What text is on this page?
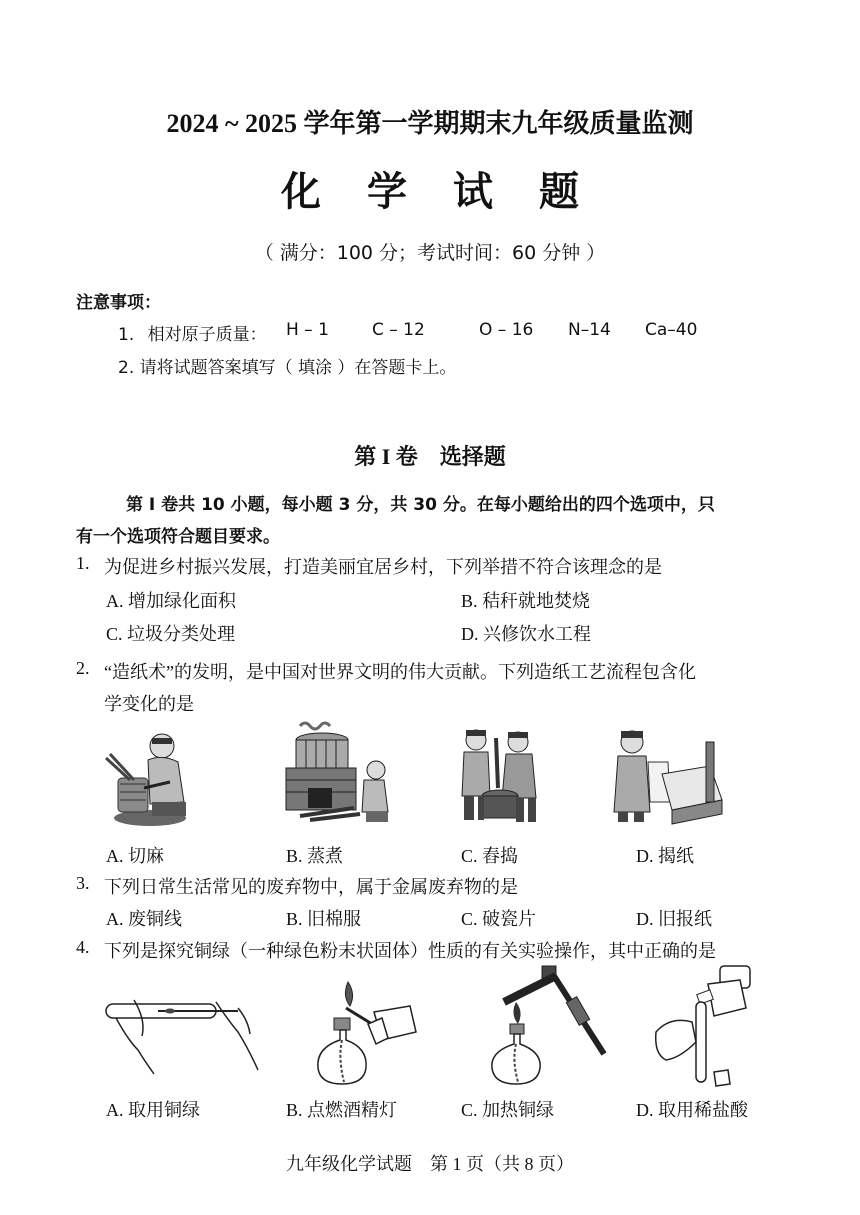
2024 ~ 2025 学年第一学期期末九年级质量监测
化 学 试 题
（ 满分：100 分；考试时间：60 分钟 ）
注意事项：
1. 相对原子质量： H – 1	C – 12	O – 16 N–14 Ca–40
2. 请将试题答案填写（ 填涂 ）在答题卡上。
第 I 卷　选择题
第 Ⅰ 卷共 10 小题，每小题 3 分，共 30 分。在每小题给出的四个选项中，只
有一个选项符合题目要求。
1. 为促进乡村振兴发展，打造美丽宜居乡村，下列举措不符合该理念的是
A. 增加绿化面积	B. 秸秆就地焚烧
C. 垃圾分类处理	D. 兴修饮水工程
2. “造纸术”的发明，是中国对世界文明的伟大贡献。下列造纸工艺流程包含化
学变化的是
A. 切麻	B. 蒸煮	C. 舂捣	D. 揭纸
3. 下列日常生活常见的废弃物中，属于金属废弃物的是
A. 废铜线	B. 旧棉服	C. 破瓷片	D. 旧报纸
4. 下列是探究铜绿（一种绿色粉末状固体）性质的有关实验操作，其中正确的是
A. 取用铜绿	B. 点燃酒精灯	C. 加热铜绿	D. 取用稀盐酸
九年级化学试题　第 1 页（共 8 页）
